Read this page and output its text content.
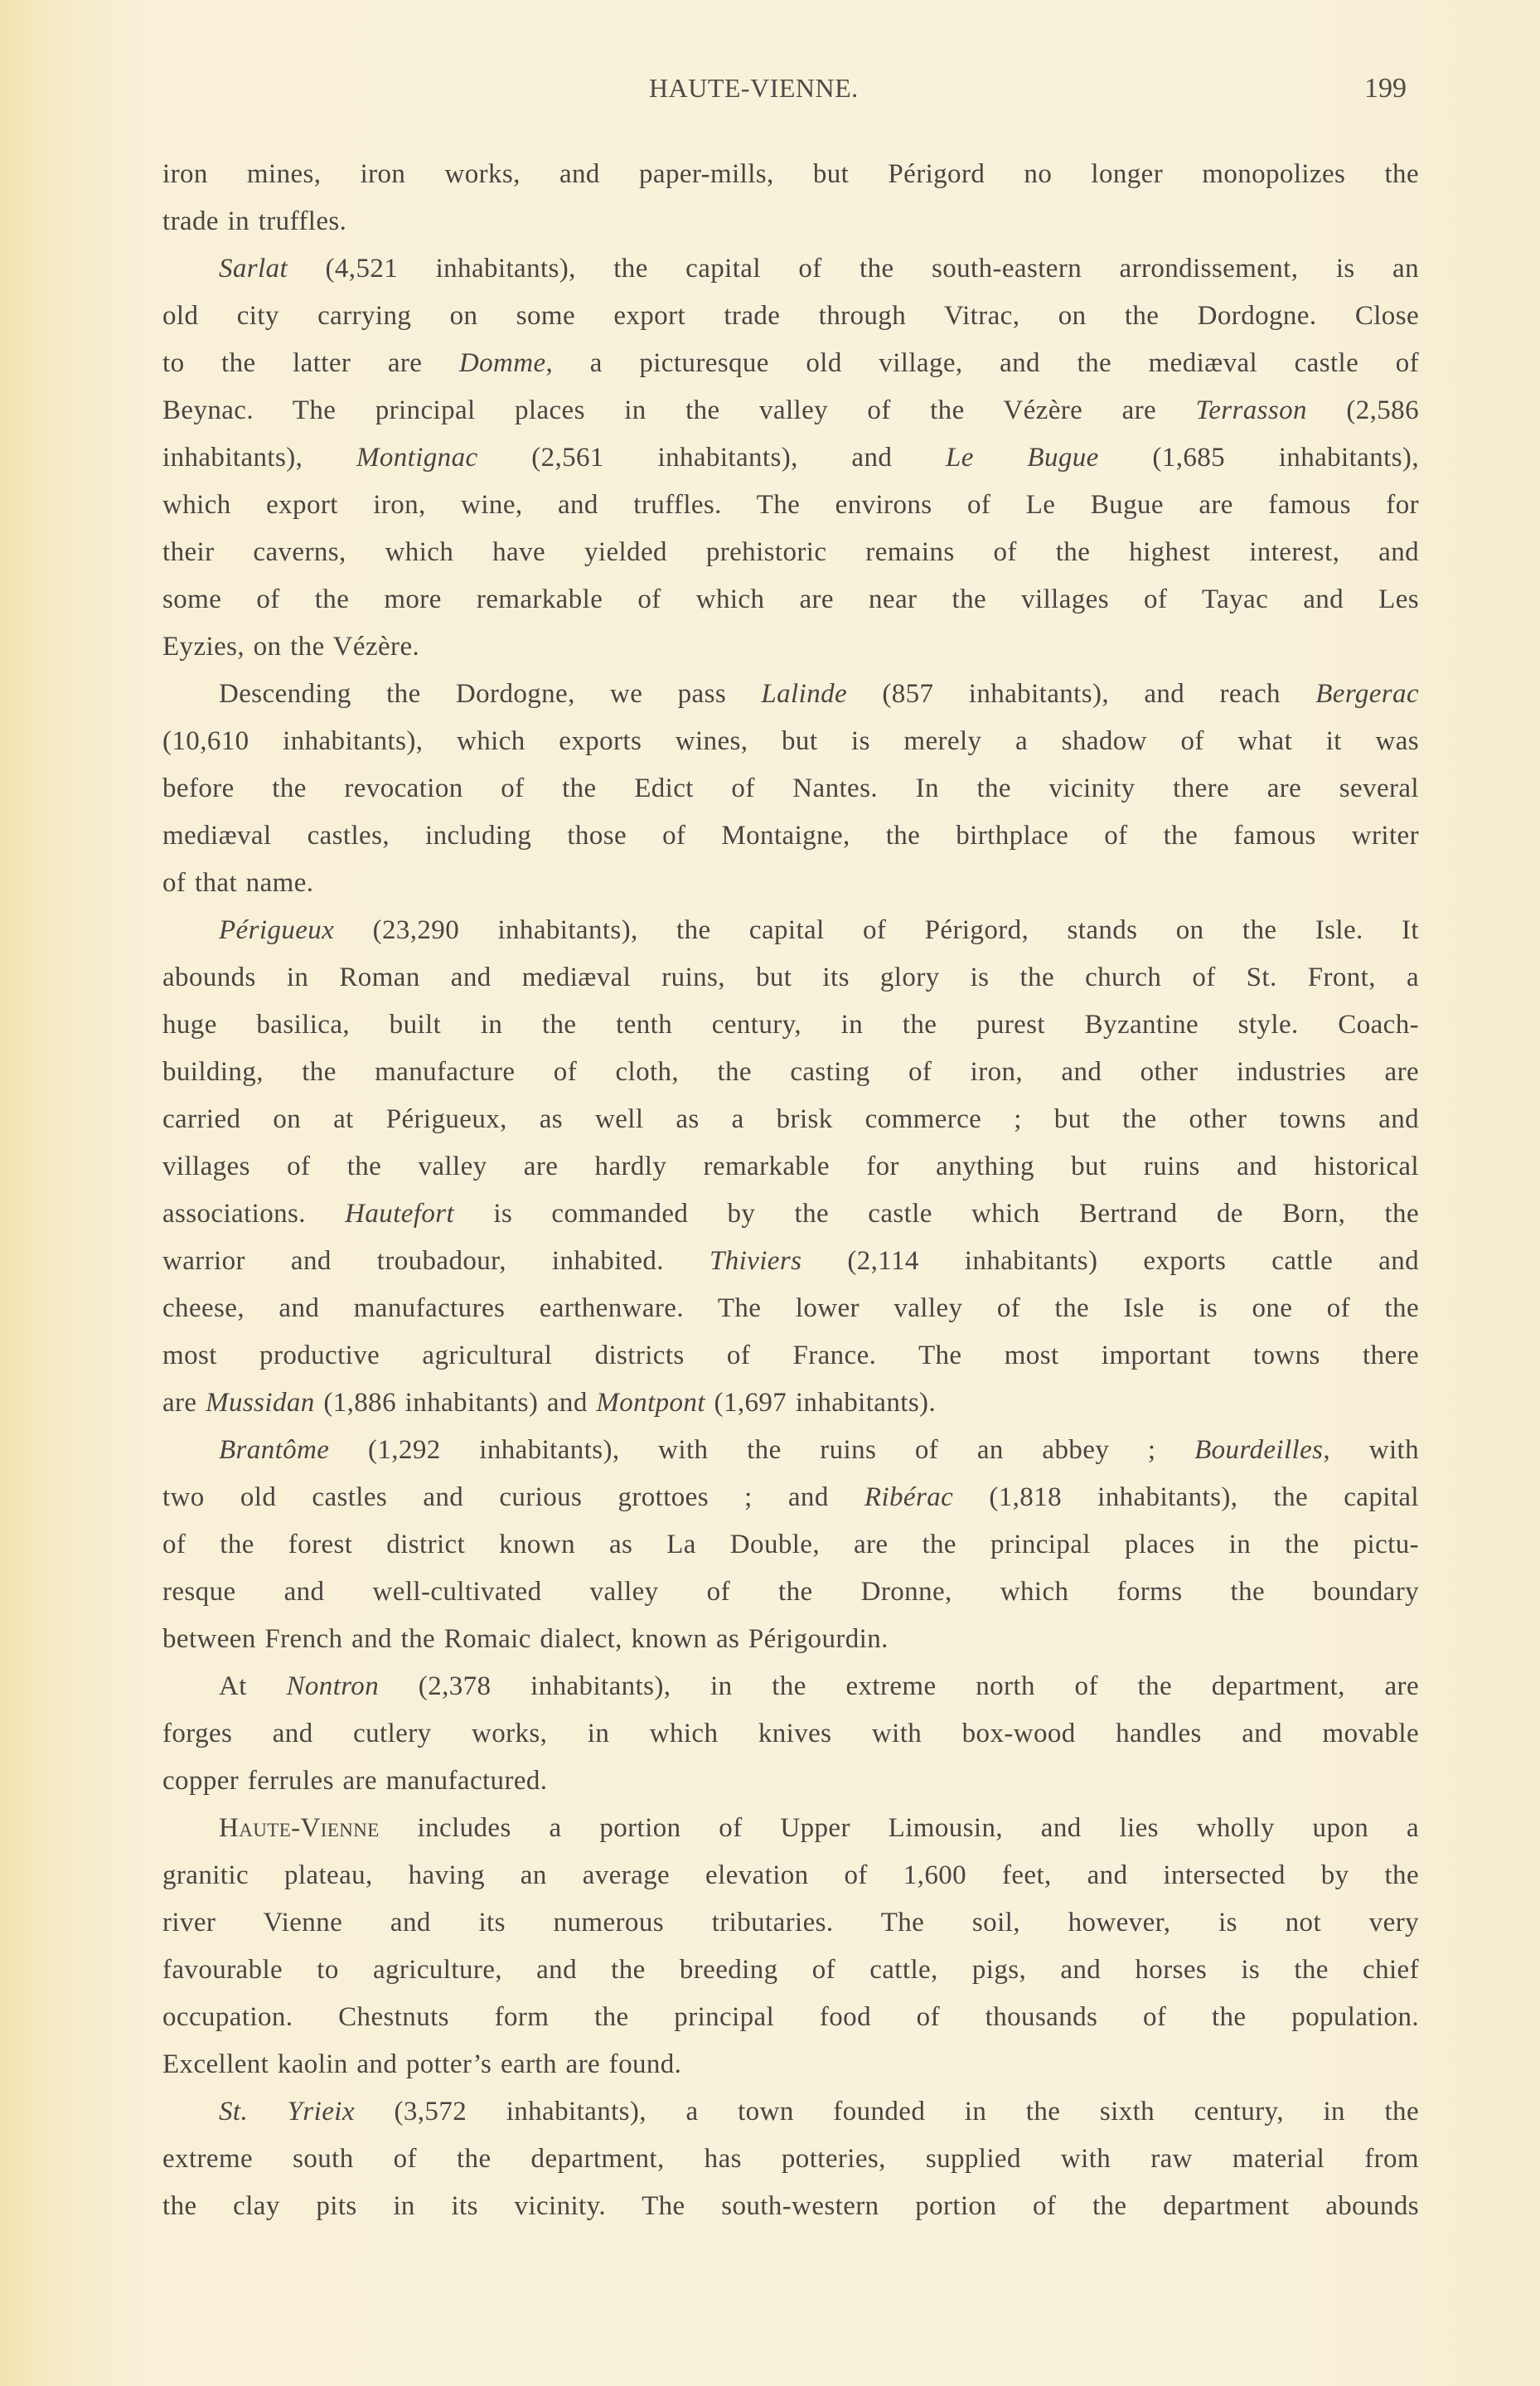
HAUTE-VIENNE.	199
iron mines, iron works, and paper-mills, but Périgord no longer monopolizes the
trade in truffles.
Sarlat (4,521 inhabitants), the capital of the south-eastern arrondissement, is an
old city carrying on some export trade through Vitrac, on the Dordogne. Close
to the latter are Domme, a picturesque old village, and the mediæval castle of
Beynac. The principal places in the valley of the Vézère are Terrasson (2,586
inhabitants), Montignac (2,561 inhabitants), and Le Bugue (1,685 inhabitants),
which export iron, wine, and truffles. The environs of Le Bugue are famous for
their caverns, which have yielded prehistoric remains of the highest interest, and
some of the more remarkable of which are near the villages of Tayac and Les
Eyzies, on the Vézère.
Descending the Dordogne, we pass Lalinde (857 inhabitants), and reach Bergerac
(10,610 inhabitants), which exports wines, but is merely a shadow of what it was
before the revocation of the Edict of Nantes. In the vicinity there are several
mediæval castles, including those of Montaigne, the birthplace of the famous writer
of that name.
Périgueux (23,290 inhabitants), the capital of Périgord, stands on the Isle. It
abounds in Roman and mediæval ruins, but its glory is the church of St. Front, a
huge basilica, built in the tenth century, in the purest Byzantine style. Coach-
building, the manufacture of cloth, the casting of iron, and other industries are
carried on at Périgueux, as well as a brisk commerce ; but the other towns and
villages of the valley are hardly remarkable for anything but ruins and historical
associations. Hautefort is commanded by the castle which Bertrand de Born, the
warrior and troubadour, inhabited. Thiviers (2,114 inhabitants) exports cattle and
cheese, and manufactures earthenware. The lower valley of the Isle is one of the
most productive agricultural districts of France. The most important towns there
are Mussidan (1,886 inhabitants) and Montpont (1,697 inhabitants).
Brantôme (1,292 inhabitants), with the ruins of an abbey ; Bourdeilles, with
two old castles and curious grottoes ; and Ribérac (1,818 inhabitants), the capital
of the forest district known as La Double, are the principal places in the pictu-
resque and well-cultivated valley of the Dronne, which forms the boundary
between French and the Romaic dialect, known as Périgourdin.
At Nontron (2,378 inhabitants), in the extreme north of the department, are
forges and cutlery works, in which knives with box-wood handles and movable
copper ferrules are manufactured.
Haute-Vienne includes a portion of Upper Limousin, and lies wholly upon a
granitic plateau, having an average elevation of 1,600 feet, and intersected by the
river Vienne and its numerous tributaries. The soil, however, is not very
favourable to agriculture, and the breeding of cattle, pigs, and horses is the chief
occupation. Chestnuts form the principal food of thousands of the population.
Excellent kaolin and potter’s earth are found.
St. Yrieix (3,572 inhabitants), a town founded in the sixth century, in the
extreme south of the department, has potteries, supplied with raw material from
the clay pits in its vicinity. The south-western portion of the department abounds
